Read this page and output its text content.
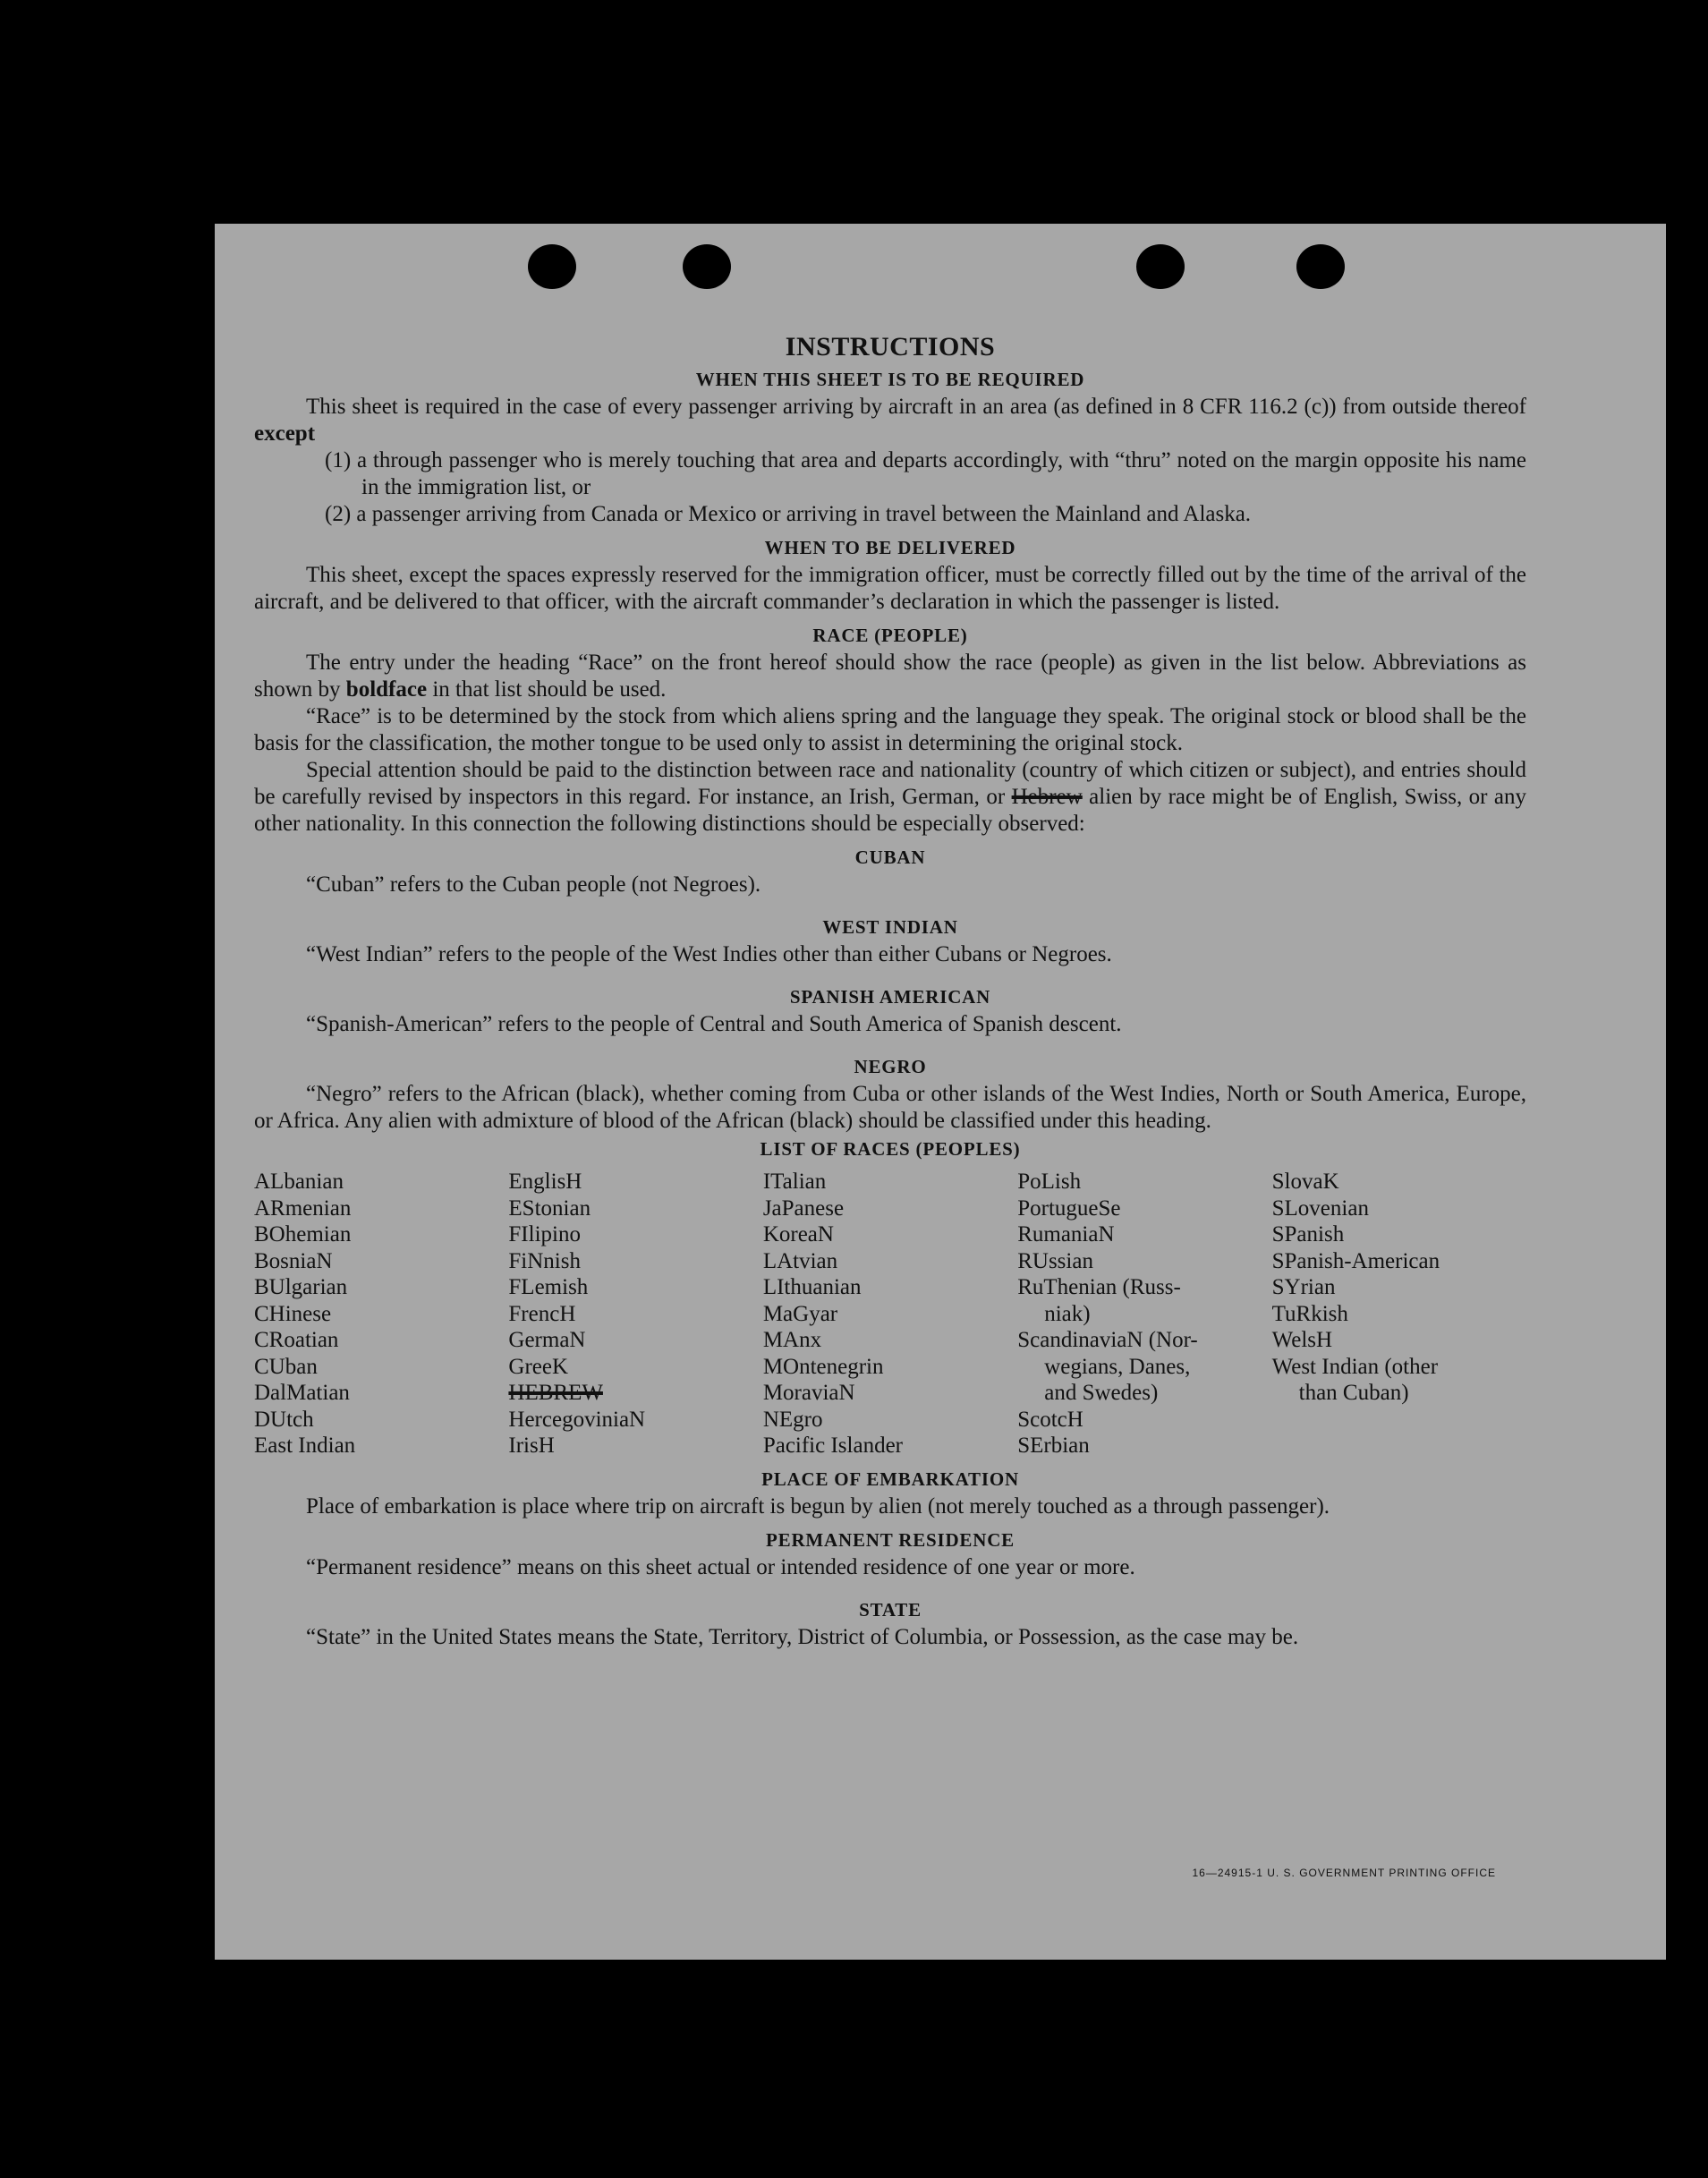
INSTRUCTIONS
WHEN THIS SHEET IS TO BE REQUIRED

This sheet is required in the case of every passenger arriving by aircraft in an area (as defined in 8 CFR 116.2 (c)) from outside thereof except

(1) a through passenger who is merely touching that area and departs accordingly, with “thru” noted on the margin opposite his name in the immigration list, or

(2) a passenger arriving from Canada or Mexico or arriving in travel between the Mainland and Alaska.

WHEN TO BE DELIVERED

This sheet, except the spaces expressly reserved for the immigration officer, must be correctly filled out by the time of the arrival of the aircraft, and be delivered to that officer, with the aircraft commander’s declaration in which the passenger is listed.

RACE (PEOPLE)

The entry under the heading “Race” on the front hereof should show the race (people) as given in the list below. Abbreviations as shown by boldface in that list should be used.

“Race” is to be determined by the stock from which aliens spring and the language they speak. The original stock or blood shall be the basis for the classification, the mother tongue to be used only to assist in determining the original stock.

Special attention should be paid to the distinction between race and nationality (country of which citizen or subject), and entries should be carefully revised by inspectors in this regard. For instance, an Irish, German, or Hebrew alien by race might be of English, Swiss, or any other nationality. In this connection the following distinctions should be especially observed:

CUBAN

“Cuban” refers to the Cuban people (not Negroes).

WEST INDIAN

“West Indian” refers to the people of the West Indies other than either Cubans or Negroes.

SPANISH AMERICAN

“Spanish-American” refers to the people of Central and South America of Spanish descent.

NEGRO

“Negro” refers to the African (black), whether coming from Cuba or other islands of the West Indies, North or South America, Europe, or Africa. Any alien with admixture of blood of the African (black) should be classified under this heading.

LIST OF RACES (PEOPLES)
ALbanian
ARmenian
BOhemian
BosniaN
BUlgarian
CHinese
CRoatian
CUban
DalMatian
DUtch
East Indian
EnglisH
EStonian
FIlipino
FiNnish
FLemish
FrencH
GermaN
GreeK
HEBREW
HercegoviniaN
IrisH
ITalian
JaPanese
KoreaN
LAtvian
LIthuanian
MaGyar
MAnx
MOntenegrin
MoraviaN
NEgro
Pacific Islander
PoLish
PortugueSe
RumaniaN
RUssian
RuThenian (Russ-
niak)
ScandinaviaN (Nor-
wegians, Danes,
and Swedes)
ScotcH
SErbian
SlovaK
SLovenian
SPanish
SPanish-American
SYrian
TuRkish
WelsH
West Indian (other
than Cuban)
PLACE OF EMBARKATION

Place of embarkation is place where trip on aircraft is begun by alien (not merely touched as a through passenger).

PERMANENT RESIDENCE

“Permanent residence” means on this sheet actual or intended residence of one year or more.

STATE

“State” in the United States means the State, Territory, District of Columbia, or Possession, as the case may be.

16—24915-1 U. S. GOVERNMENT PRINTING OFFICE
